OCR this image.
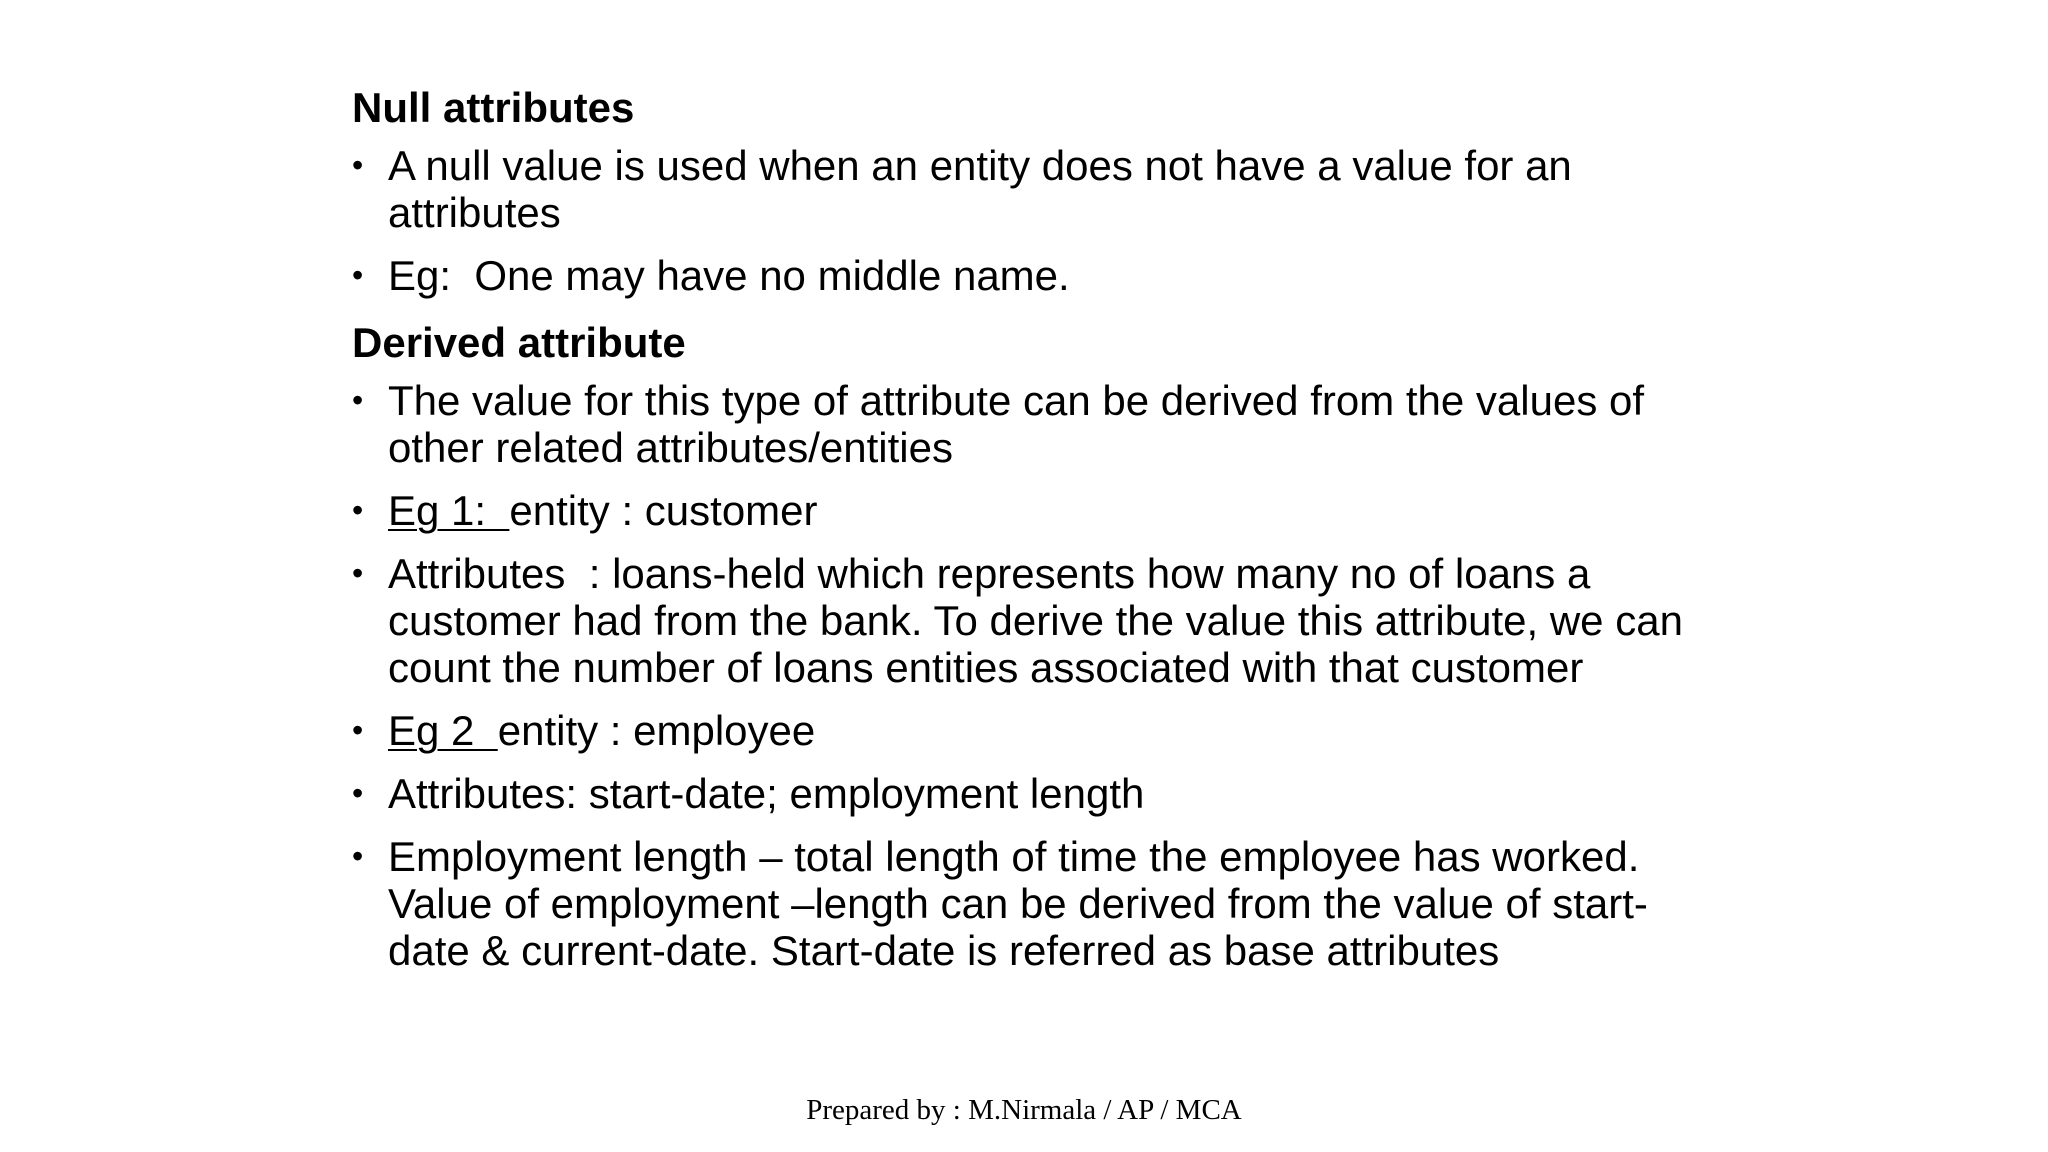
Null attributes
• A null value is used when an entity does not have a value for an attributes
• Eg:  One may have no middle name.
Derived attribute
• The value for this type of attribute can be derived from the values of other related attributes/entities
• Eg 1:  entity : customer
• Attributes  : loans-held which represents how many no of loans a customer had from the bank. To derive the value this attribute, we can count the number of loans entities associated with that customer
• Eg 2  entity : employee
• Attributes: start-date; employment length
• Employment length – total length of time the employee has worked. Value of employment –length can be derived from the value of start-date & current-date. Start-date is referred as base attributes
Prepared by : M.Nirmala / AP / MCA
